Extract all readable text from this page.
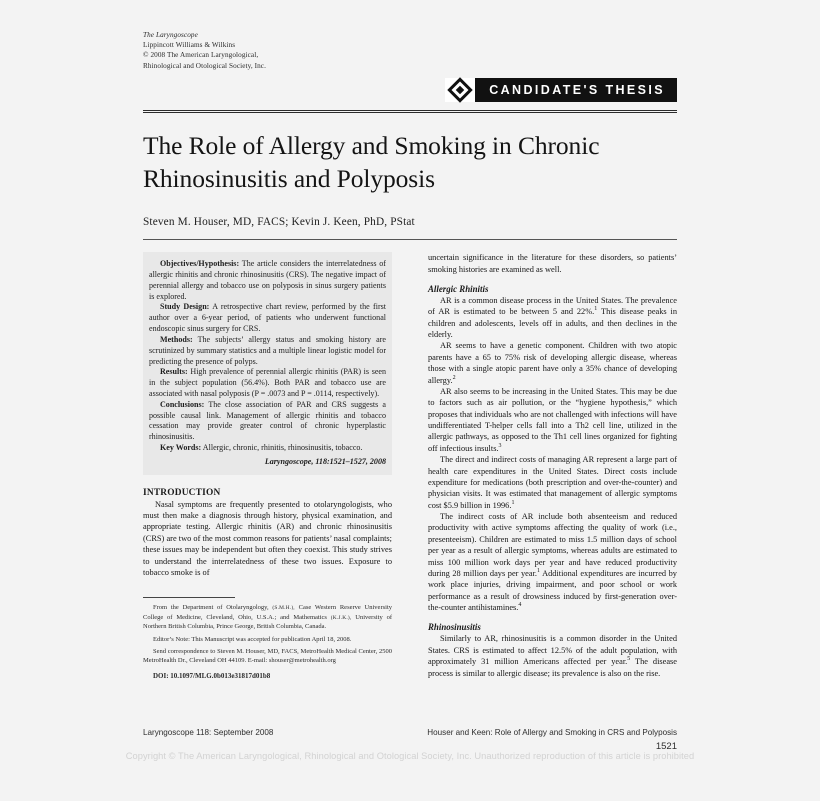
The Laryngoscope
Lippincott Williams & Wilkins
© 2008 The American Laryngological,
Rhinological and Otological Society, Inc.
CANDIDATE'S THESIS
The Role of Allergy and Smoking in Chronic Rhinosinusitis and Polyposis
Steven M. Houser, MD, FACS; Kevin J. Keen, PhD, PStat

Objectives/Hypothesis: The article considers the interrelatedness of allergic rhinitis and chronic rhinosinusitis (CRS). The negative impact of perennial allergy and tobacco use on polyposis in sinus surgery patients is explored.

Study Design: A retrospective chart review, performed by the first author over a 6-year period, of patients who underwent functional endoscopic sinus surgery for CRS.

Methods: The subjects’ allergy status and smoking history are scrutinized by summary statistics and a multiple linear logistic model for predicting the presence of polyps.

Results: High prevalence of perennial allergic rhinitis (PAR) is seen in the subject population (56.4%). Both PAR and tobacco use are associated with nasal polyposis (P = .0073 and P = .0114, respectively).

Conclusions: The close association of PAR and CRS suggests a possible causal link. Management of allergic rhinitis and tobacco cessation may provide greater control of chronic hyperplastic rhinosinusitis.

Key Words: Allergic, chronic, rhinitis, rhinosinusitis, tobacco.

Laryngoscope, 118:1521–1527, 2008

INTRODUCTION

Nasal symptoms are frequently presented to otolaryngologists, who must then make a diagnosis through history, physical examination, and appropriate testing. Allergic rhinitis (AR) and chronic rhinosinusitis (CRS) are two of the most common reasons for patients’ nasal complaints; these issues may be independent but often they coexist. This study strives to understand the interrelatedness of these two issues. Exposure to tobacco smoke is of

From the Department of Otolaryngology, (S.M.H.), Case Western Reserve University College of Medicine, Cleveland, Ohio, U.S.A.; and Mathematics (K.J.K.), University of Northern British Columbia, Prince George, British Columbia, Canada.

Editor’s Note: This Manuscript was accepted for publication April 18, 2008.

Send correspondence to Steven M. Houser, MD, FACS, MetroHealth Medical Center, 2500 MetroHealth Dr., Cleveland OH 44109. E-mail: shouser@metrohealth.org

DOI: 10.1097/MLG.0b013e31817d01b8

uncertain significance in the literature for these disorders, so patients’ smoking histories are examined as well.

Allergic Rhinitis

AR is a common disease process in the United States. The prevalence of AR is estimated to be between 5 and 22%.$^1$ This disease peaks in children and adolescents, levels off in adults, and then declines in the elderly.

AR seems to have a genetic component. Children with two atopic parents have a 65 to 75% risk of developing allergic disease, whereas those with a single atopic parent have only a 35% chance of developing allergy.$^2$

AR also seems to be increasing in the United States. This may be due to factors such as air pollution, or the “hygiene hypothesis,” which proposes that individuals who are not challenged with infections will have undifferentiated T-helper cells fall into a Th2 cell line, utilized in the allergic pathways, as opposed to the Th1 cell lines organized for fighting off infectious insults.$^3$

The direct and indirect costs of managing AR represent a large part of health care expenditures in the United States. Direct costs include expenditure for medications (both prescription and over-the-counter) and physician visits. It was estimated that management of allergic symptoms cost $5.9 billion in 1996.$^1$

The indirect costs of AR include both absenteeism and reduced productivity with active symptoms affecting the quality of work (i.e., presenteeism). Children are estimated to miss 1.5 million days of school per year as a result of allergic symptoms, whereas adults are estimated to miss 100 million work days per year and have reduced productivity during 28 million days per year.$^1$ Additional expenditures are incurred by work place injuries, driving impairment, and poor school or work performance as a result of drowsiness induced by first-generation over-the-counter antihistamines.$^4$

Rhinosinusitis

Similarly to AR, rhinosinusitis is a common disorder in the United States. CRS is estimated to affect 12.5% of the adult population, with approximately 31 million Americans affected per year.$^5$ The disease process is similar to allergic disease; its prevalence is also on the rise.

Laryngoscope 118: September 2008	Houser and Keen: Role of Allergy and Smoking in CRS and Polyposis
1521
Copyright © The American Laryngological, Rhinological and Otological Society, Inc. Unauthorized reproduction of this article is prohibited
